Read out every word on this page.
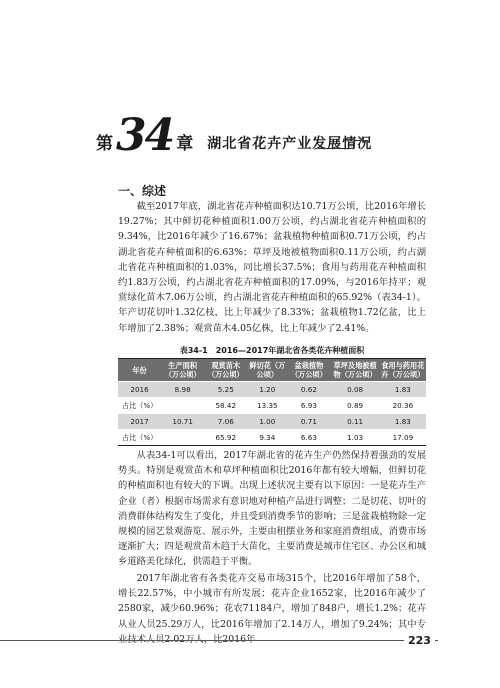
第 34 章 湖北省花卉产业发展情况
一、综述

截至2017年底，湖北省花卉种植面积达10.71万公顷，比2016年增长19.27%；其中鲜切花种植面积1.00万公顷，约占湖北省花卉种植面积的9.34%，比2016年减少了16.67%；盆栽植物种植面积0.71万公顷，约占湖北省花卉种植面积的6.63%；草坪及地被植物面积0.11万公顷，约占湖北省花卉种植面积的1.03%，同比增长37.5%；食用与药用花卉种植面积约1.83万公顷，约占湖北省花卉种植面积的17.09%，与2016年持平；观赏绿化苗木7.06万公顷，约占湖北省花卉种植面积的65.92%（表34-1）。年产切花切叶1.32亿枝，比上年减少了8.33%；盆栽植物1.72亿盆，比上年增加了2.38%；观赏苗木4.05亿株，比上年减少了2.41%。

表34-1　2016—2017年湖北省各类花卉种植面积
年份	生产面积（万公顷）	观赏苗木（万公顷）	鲜切花（万公顷）	盆栽植物（万公顷）	草坪及地被植物（万公顷）	食用与药用花卉（万公顷）
2016	8.98	5.25	1.20	0.62	0.08	1.83
占比（%）		58.42	13.35	6.93	0.89	20.36
2017	10.71	7.06	1.00	0.71	0.11	1.83
占比（%）		65.92	9.34	6.63	1.03	17.09

从表34-1可以看出，2017年湖北省的花卉生产仍然保持着强劲的发展势头。特别是观赏苗木和草坪种植面积比2016年都有较大增幅，但鲜切花的种植面积也有较大的下调。出现上述状况主要有以下原因：一是花卉生产企业（者）根据市场需求有意识地对种植产品进行调整；二是切花、切叶的消费群体结构发生了变化，并且受到消费季节的影响；三是盆栽植物除一定规模的园艺景观游览、展示外，主要由租摆业务和家庭消费组成，消费市场逐渐扩大；四是观赏苗木趋于大苗化，主要消费是城市住宅区、办公区和城乡道路美化绿化，供需趋于平衡。

2017年湖北省有各类花卉交易市场315个，比2016年增加了58个，增长22.57%，中小城市有所发展；花卉企业1652家，比2016年减少了2580家，减少60.96%；花农71184户，增加了848户，增长1.2%；花卉从业人员25.29万人，比2016年增加了2.14万人，增加了9.24%；其中专业技术人员2.02万人，比2016年	223
